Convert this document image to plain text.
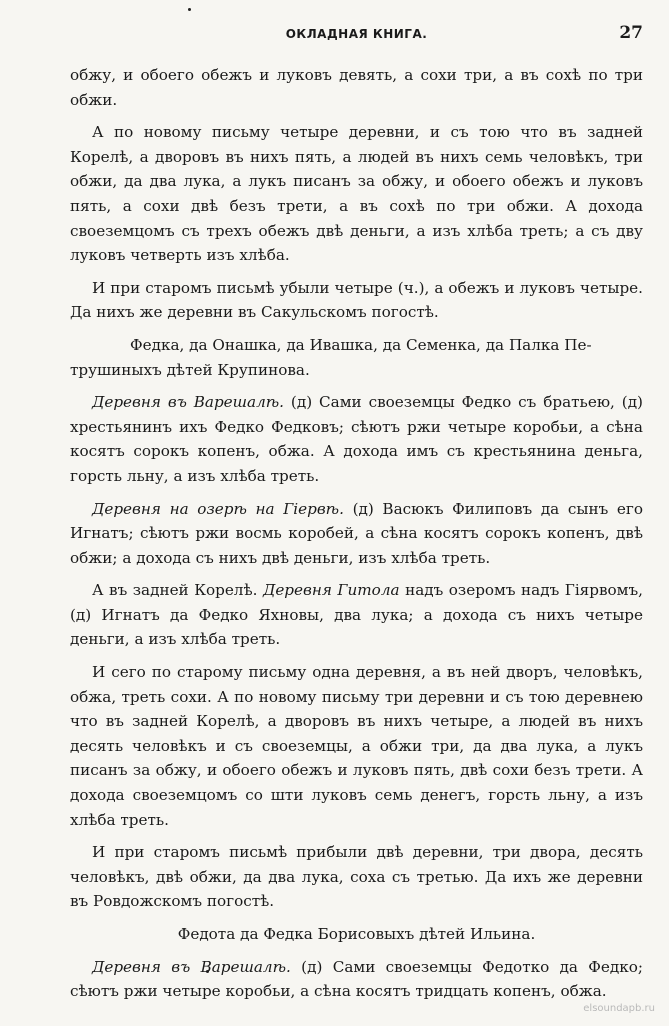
ОКЛАДНАЯ КНИГА.	27

обжу, и обоего обежъ и луковъ девять, а сохи три, а въ сохѣ по три обжи.

А по новому письму четыре деревни, и съ тою что въ задней Корелѣ, а дворовъ въ нихъ пять, а людей въ нихъ семь человѣкъ, три обжи, да два лука, а лукъ писанъ за обжу, и обоего обежъ и луковъ пять, а сохи двѣ безъ трети, а въ сохѣ по три обжи. А дохода своеземцомъ съ трехъ обежъ двѣ деньги, а изъ хлѣба треть; а съ дву луковъ четверть изъ хлѣба.

И при старомъ письмѣ убыли четыре (ч.), а обежъ и луковъ четыре. Да нихъ же деревни въ Сакульскомъ погостѣ.

Федка, да Онашка, да Ивашка, да Семенка, да Палка Пе-
трушиныхъ дѣтей Крупинова.

Деревня въ Варешалѣ. (д) Сами своеземцы Федко съ братьею, (д) хрестьянинъ ихъ Федко Федковъ; сѣютъ ржи четыре коробьи, а сѣна косятъ сорокъ копенъ, обжа. А дохода имъ съ крестьянина деньга, горсть льну, а изъ хлѣба треть.

Деревня на озерѣ на Гіервѣ. (д) Васюкъ Филиповъ да сынъ его Игнатъ; сѣютъ ржи восмь коробей, а сѣна косятъ сорокъ копенъ, двѣ обжи; а дохода съ нихъ двѣ деньги, изъ хлѣба треть.

А въ задней Корелѣ. Деревня Гитола надъ озеромъ надъ Гіярвомъ, (д) Игнатъ да Федко Яхновы, два лука; а дохода съ нихъ четыре деньги, а изъ хлѣба треть.

И сего по старому письму одна деревня, а въ ней дворъ, человѣкъ, обжа, треть сохи. А по новому письму три деревни и съ тою деревнею что въ задней Корелѣ, а дворовъ въ нихъ четыре, а людей въ нихъ десять человѣкъ и съ своеземцы, а обжи три, да два лука, а лукъ писанъ за обжу, и обоего обежъ и луковъ пять, двѣ сохи безъ трети. А дохода своеземцомъ со шти луковъ семь денегъ, горсть льну, а изъ хлѣба треть.

И при старомъ письмѣ прибыли двѣ деревни, три двора, десять человѣкъ, двѣ обжи, да два лука, соха съ третью. Да ихъ же деревни въ Ровдожскомъ погостѣ.

Федота да Федка Борисовыхъ дѣтей Ильина.

Деревня въ Варешалѣ. (д) Сами своеземцы Федотко да Федко; сѣютъ ржи четыре коробьи, а сѣна косятъ тридцать копенъ, обжа.

elsoundapb.ru
